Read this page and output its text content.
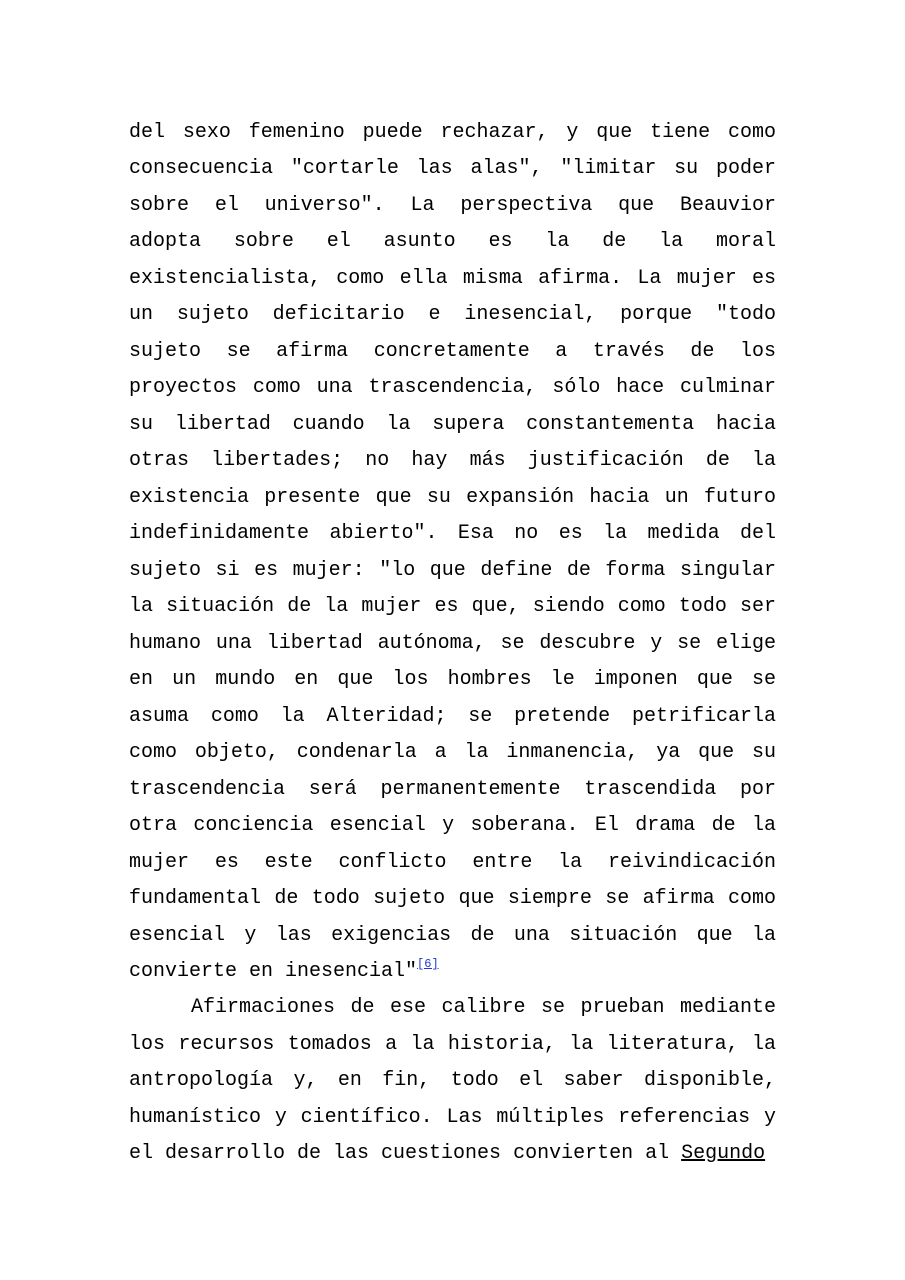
del sexo femenino puede rechazar, y que tiene como
consecuencia "cortarle las alas", "limitar su poder
sobre el universo". La perspectiva que Beauvior
adopta sobre el asunto es la de la moral
existencialista, como ella misma afirma. La mujer es
un sujeto deficitario e inesencial, porque "todo
sujeto se afirma concretamente a través de los
proyectos como una trascendencia, sólo hace culminar
su libertad cuando la supera constantementa hacia
otras libertades; no hay más justificación de la
existencia presente que su expansión hacia un futuro
indefinidamente abierto". Esa no es la medida del
sujeto si es mujer: "lo que define de forma singular
la situación de la mujer es que, siendo como todo ser
humano una libertad autónoma, se descubre y se elige
en un mundo en que los hombres le imponen que se
asuma como la Alteridad; se pretende petrificarla
como objeto, condenarla a la inmanencia, ya que su
trascendencia será permanentemente trascendida por
otra conciencia esencial y soberana. El drama de la
mujer es este conflicto entre la reivindicación
fundamental de todo sujeto que siempre se afirma como
esencial y las exigencias de una situación que la
convierte en inesencial"[6]
Afirmaciones de ese calibre se prueban mediante
los recursos tomados a la historia, la literatura, la
antropología y, en fin, todo el saber disponible,
humanístico y científico. Las múltiples referencias y
el desarrollo de las cuestiones convierten al Segundo
